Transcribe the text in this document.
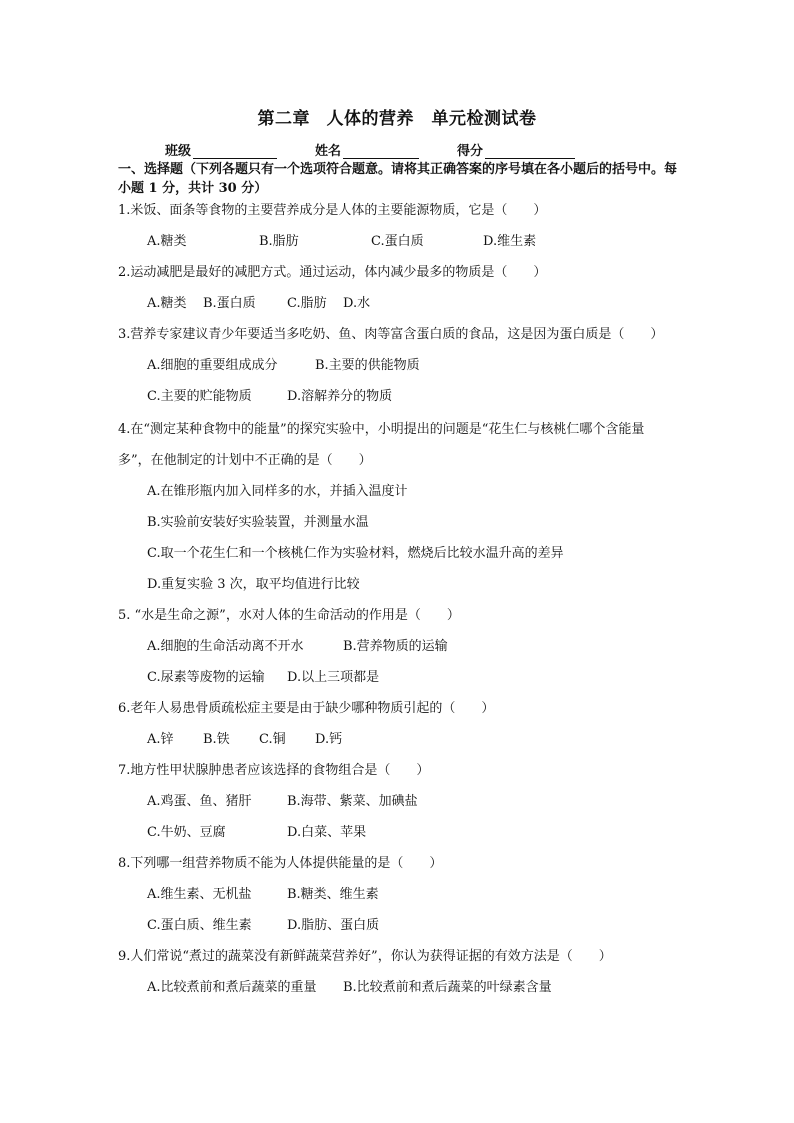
第二章 人体的营养　单元检测试卷
班级	姓名	得分
一、选择题（下列各题只有一个选项符合题意。请将其正确答案的序号填在各小题后的括号中。每小题 1 分，共计 30 分）
1.米饭、面条等食物的主要营养成分是人体的主要能源物质，它是（　　）
A.糖类	B.脂肪	C.蛋白质	D.维生素
2.运动减肥是最好的减肥方式。通过运动，体内减少最多的物质是（　　）
A.糖类 B.蛋白质 C.脂肪 D.水
3.营养专家建议青少年要适当多吃奶、鱼、肉等富含蛋白质的食品，这是因为蛋白质是（　　）
A.细胞的重要组成成分	B.主要的供能物质
C.主要的贮能物质	D.溶解养分的物质
4.在“测定某种食物中的能量”的探究实验中，小明提出的问题是“花生仁与核桃仁哪个含能量多”，在他制定的计划中不正确的是（　　）
A.在锥形瓶内加入同样多的水，并插入温度计
B.实验前安装好实验装置，并测量水温
C.取一个花生仁和一个核桃仁作为实验材料，燃烧后比较水温升高的差异
D.重复实验 3 次，取平均值进行比较
5. “水是生命之源”，水对人体的生命活动的作用是（　　）
A.细胞的生命活动离不开水	B.营养物质的运输
C.尿素等废物的运输 D.以上三项都是
6.老年人易患骨质疏松症主要是由于缺少哪种物质引起的（　　）
A.锌 B.铁 C.铜 D.钙
7.地方性甲状腺肿患者应该选择的食物组合是（　　）
A.鸡蛋、鱼、猪肝	B.海带、紫菜、加碘盐
C.牛奶、豆腐	D.白菜、苹果
8.下列哪一组营养物质不能为人体提供能量的是（　　）
A.维生素、无机盐	B.糖类、维生素
C.蛋白质、维生素	D.脂肪、蛋白质
9.人们常说“煮过的蔬菜没有新鲜蔬菜营养好”，你认为获得证据的有效方法是（　　）
A.比较煮前和煮后蔬菜的重量 B.比较煮前和煮后蔬菜的叶绿素含量
